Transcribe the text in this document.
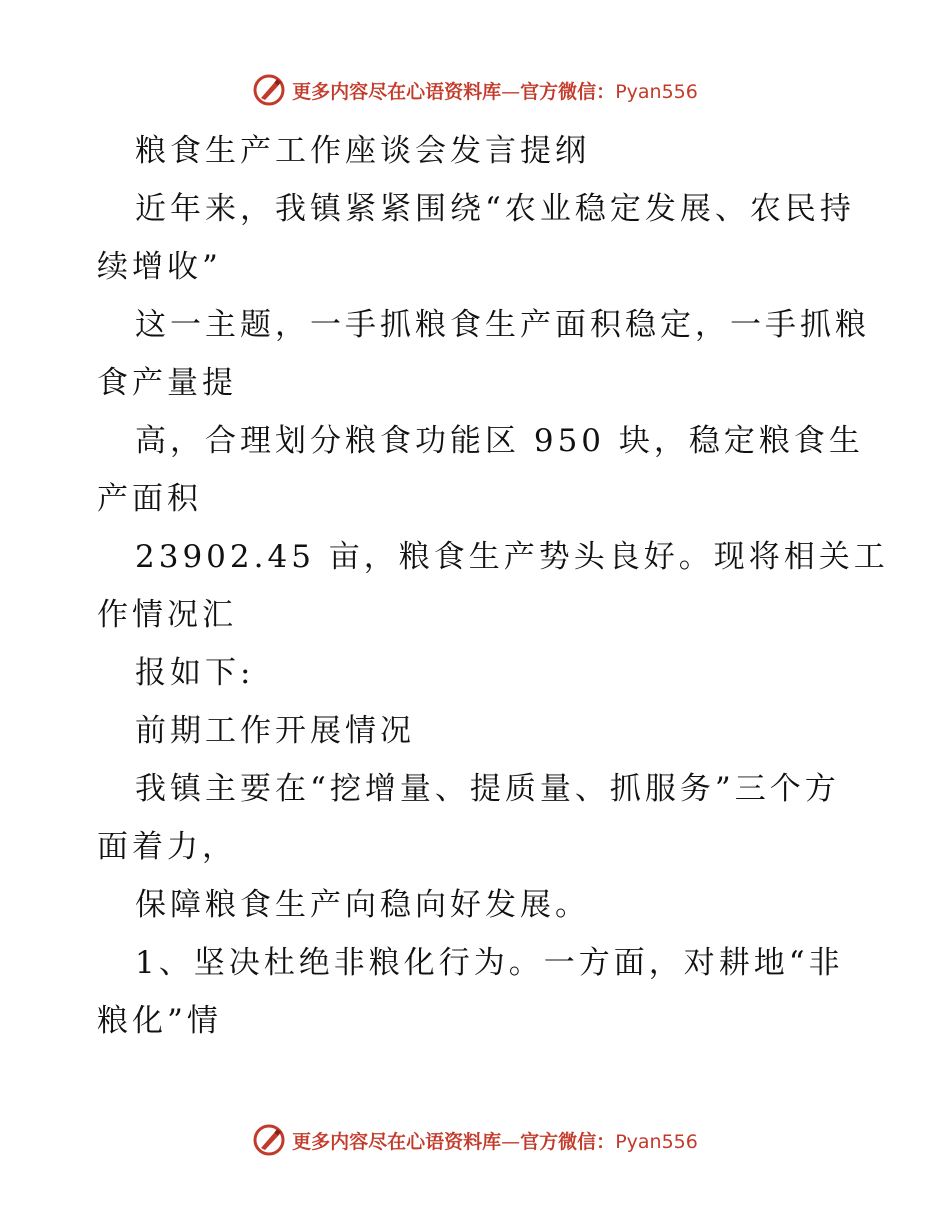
更多内容尽在心语资料库—官方微信：Pyan556
粮食生产工作座谈会发言提纲
近年来，我镇紧紧围绕“农业稳定发展、农民持
续增收”
这一主题，一手抓粮食生产面积稳定，一手抓粮
食产量提
高，合理划分粮食功能区 950 块，稳定粮食生
产面积
23902.45 亩，粮食生产势头良好。现将相关工
作情况汇
报如下:
前期工作开展情况
我镇主要在“挖增量、提质量、抓服务”三个方
面着力，
保障粮食生产向稳向好发展。
1、坚决杜绝非粮化行为。一方面，对耕地“非
粮化”情
更多内容尽在心语资料库—官方微信：Pyan556
